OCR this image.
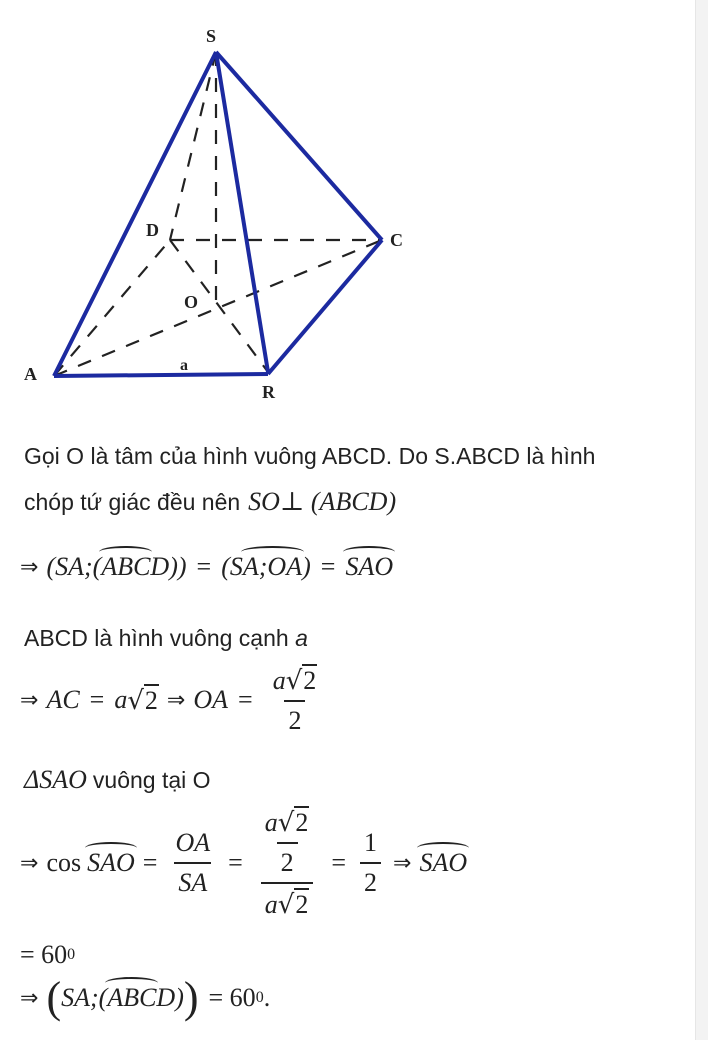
S
A
R
C
D
O
a
Gọi O là tâm của hình vuông ABCD. Do S.ABCD là hình
chóp tứ giác đều nên SO⊥ (ABCD)
⇒ (SA; ( ABC D)) = (S A;OA ) = SAO
ABCD là hình vuông cạnh a
⇒ AC = a √ 2 ⇒ OA = $\frac{a √ 2}{2}$
ΔSAO vuông tại O
⇒ cos SAO = $\frac{OA}{SA} = \frac{\frac{a √ 2}{2}}{a √ 2} = \frac{1}{2}$ ⇒ SAO
= 60 0
⇒ ( SA; ( ABC D) ) = 60 0 .
